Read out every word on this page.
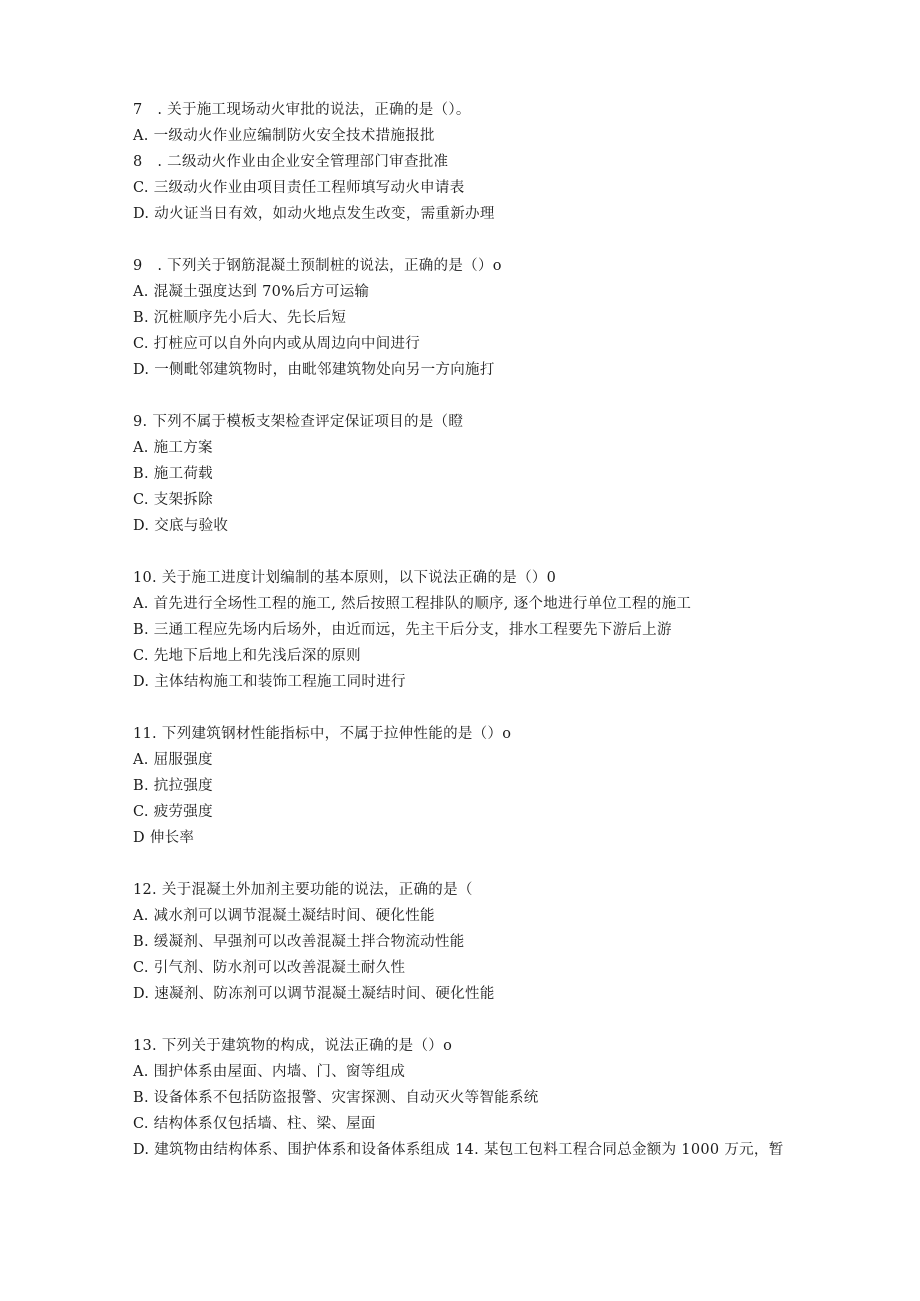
7　. 关于施工现场动火审批的说法，正确的是（）。
A. 一级动火作业应编制防火安全技术措施报批
8　. 二级动火作业由企业安全管理部门审查批准
C. 三级动火作业由项目责任工程师填写动火申请表
D. 动火证当日有效，如动火地点发生改变，需重新办理
9　. 下列关于钢筋混凝土预制桩的说法，正确的是（）o
A. 混凝土强度达到 70%后方可运输
B. 沉桩顺序先小后大、先长后短
C. 打桩应可以自外向内或从周边向中间进行
D. 一侧毗邻建筑物时，由毗邻建筑物处向另一方向施打
9. 下列不属于模板支架检查评定保证项目的是（瞪
A. 施工方案
B. 施工荷载
C. 支架拆除
D. 交底与验收
10. 关于施工进度计划编制的基本原则，以下说法正确的是（）0
A. 首先进行全场性工程的施工, 然后按照工程排队的顺序, 逐个地进行单位工程的施工
B. 三通工程应先场内后场外，由近而远，先主干后分支，排水工程要先下游后上游
C. 先地下后地上和先浅后深的原则
D. 主体结构施工和装饰工程施工同时进行
11. 下列建筑钢材性能指标中，不属于拉伸性能的是（）o
A. 屈服强度
B. 抗拉强度
C. 疲劳强度
D 伸长率
12. 关于混凝土外加剂主要功能的说法，正确的是（
A. 减水剂可以调节混凝土凝结时间、硬化性能
B. 缓凝剂、早强剂可以改善混凝土拌合物流动性能
C. 引气剂、防水剂可以改善混凝土耐久性
D. 速凝剂、防冻剂可以调节混凝土凝结时间、硬化性能
13. 下列关于建筑物的构成，说法正确的是（）o
A. 围护体系由屋面、内墙、门、窗等组成
B. 设备体系不包括防盗报警、灾害探测、自动灭火等智能系统
C. 结构体系仅包括墙、柱、梁、屋面
D. 建筑物由结构体系、围护体系和设备体系组成 14. 某包工包料工程合同总金额为 1000 万元，暂
